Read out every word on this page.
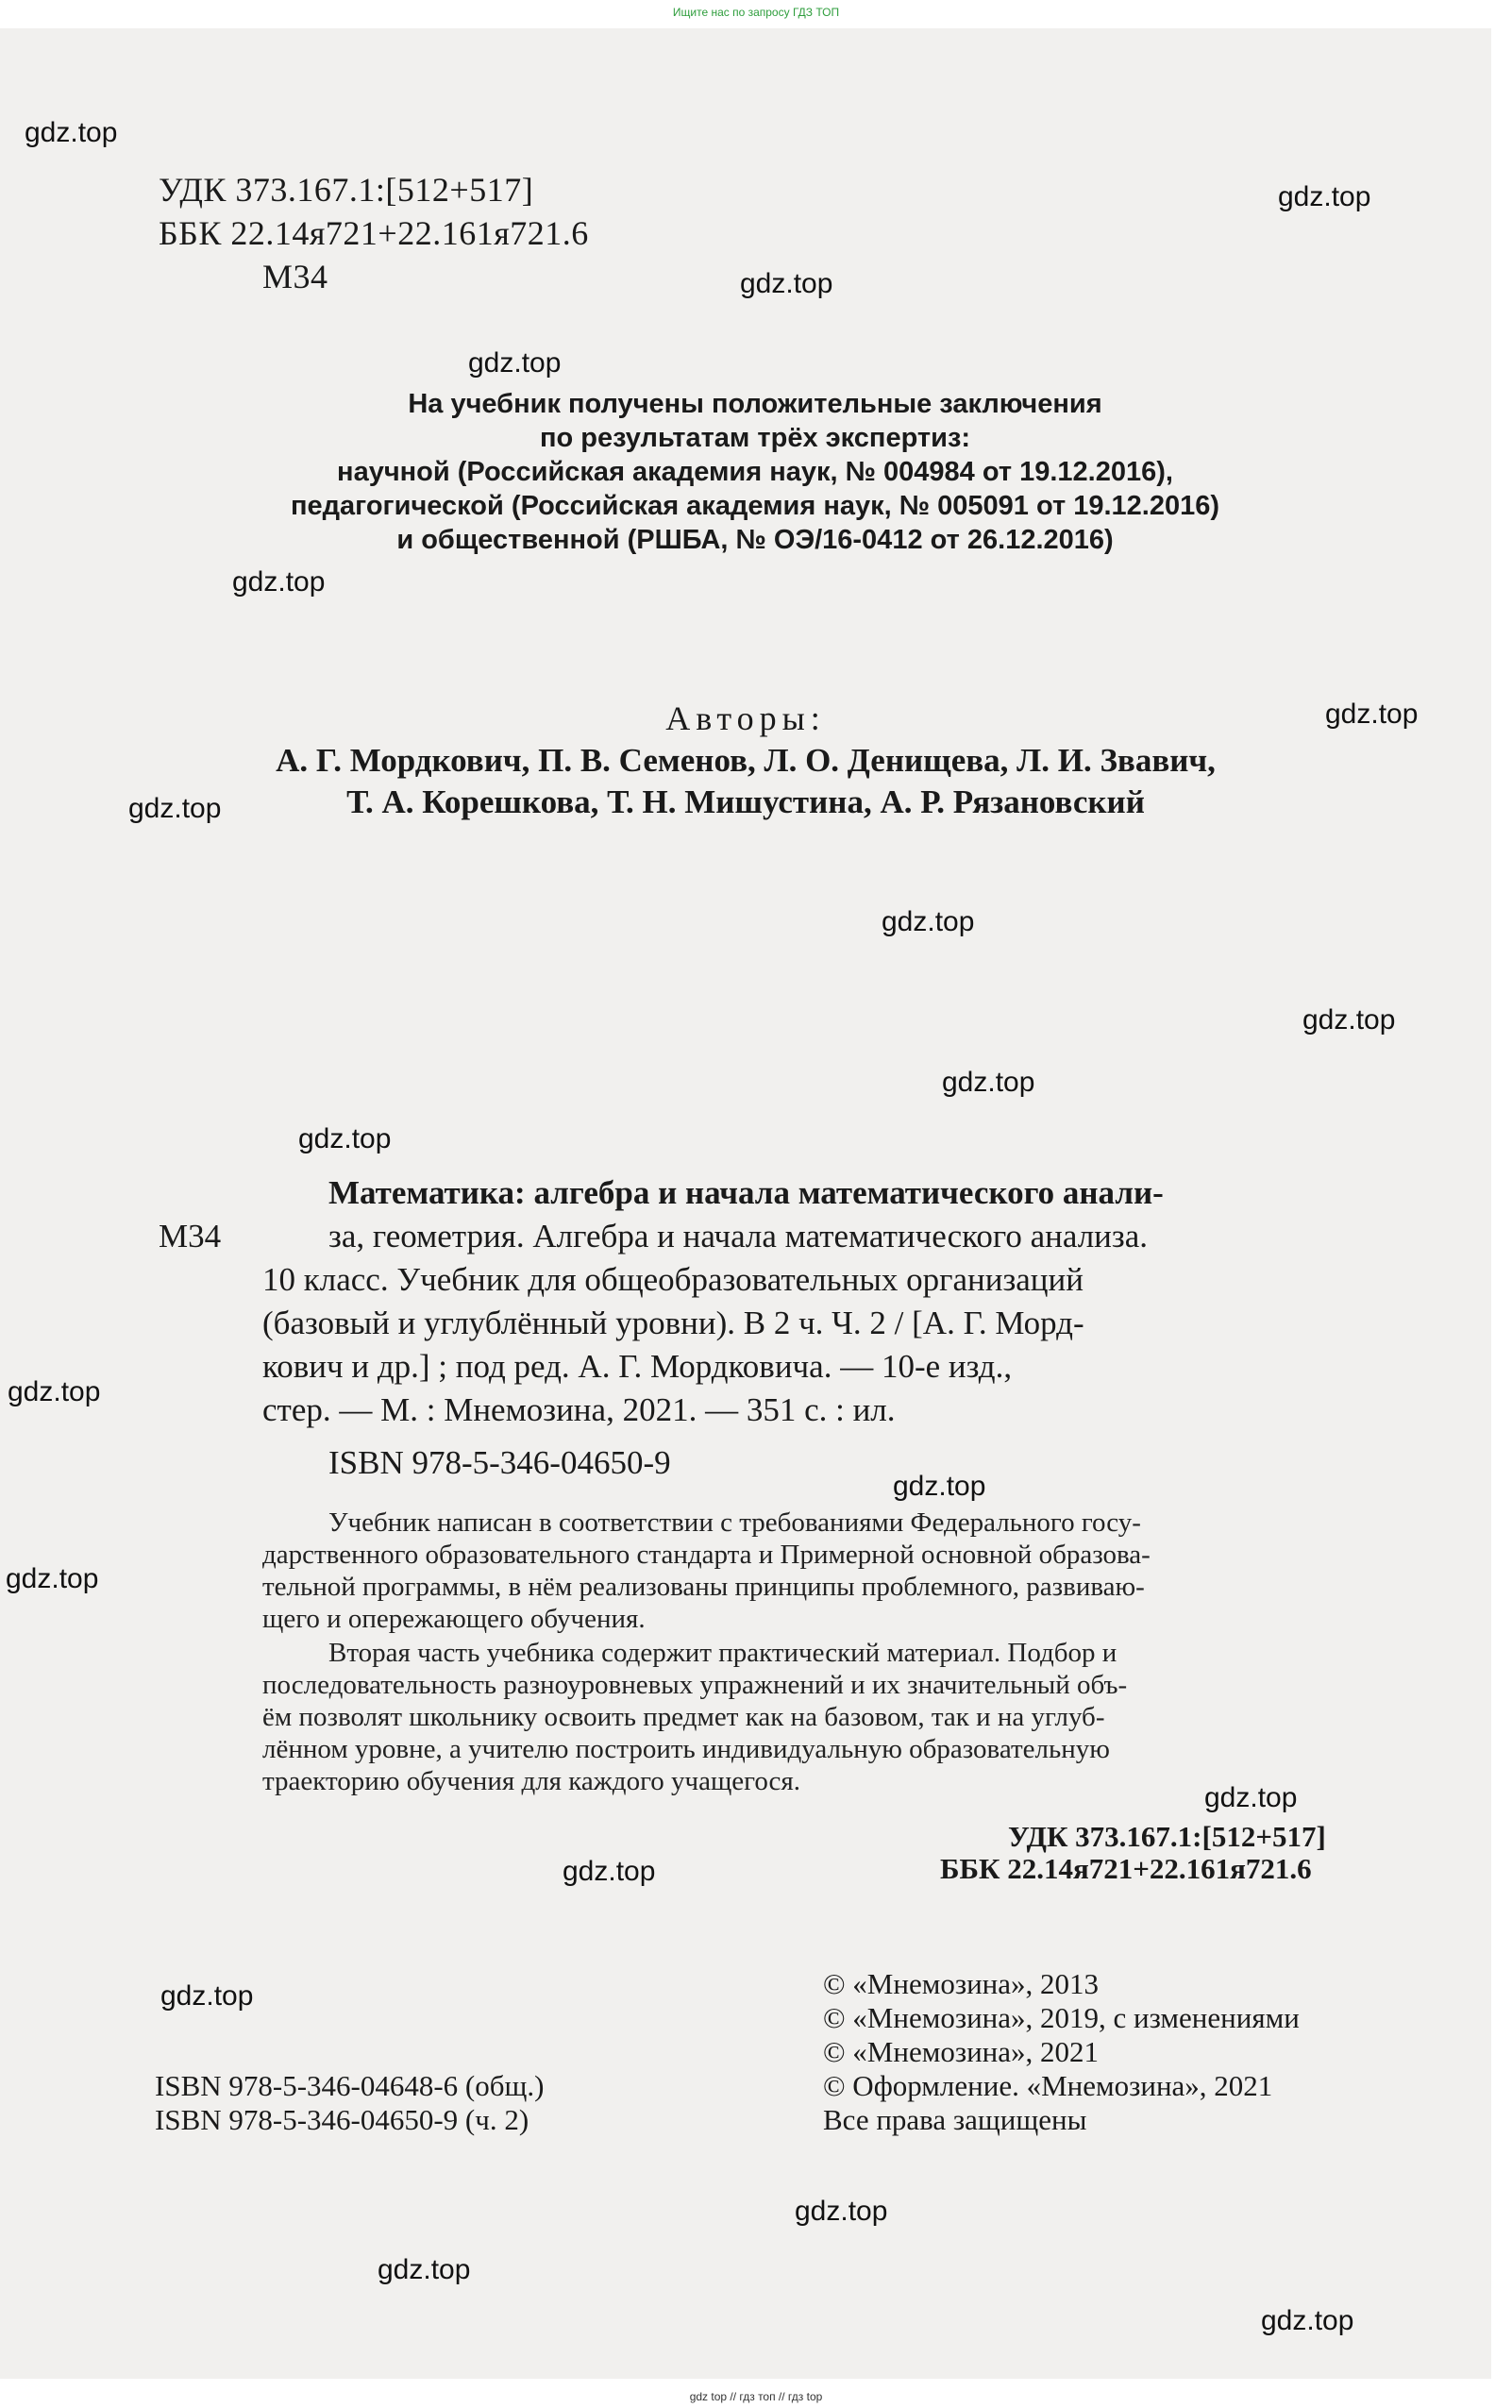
Ищите нас по запросу ГДЗ ТОП
УДК 373.167.1:[512+517]
ББК 22.14я721+22.161я721.6
М34
На учебник получены положительные заключения
по результатам трёх экспертиз:
научной (Российская академия наук, № 004984 от 19.12.2016),
педагогической (Российская академия наук, № 005091 от 19.12.2016)
и общественной (РШБА, № ОЭ/16-0412 от 26.12.2016)
Авторы:
А. Г. Мордкович, П. В. Семенов, Л. О. Денищева, Л. И. Звавич,
Т. А. Корешкова, Т. Н. Мишустина, А. Р. Рязановский
М34
Математика: алгебра и начала математического анали-
за, геометрия. Алгебра и начала математического анализа.
10 класс. Учебник для общеобразовательных организаций
(базовый и углублённый уровни). В 2 ч. Ч. 2 / [А. Г. Морд-
кович и др.] ; под ред. А. Г. Мордковича. — 10-е изд.,
стер. — М. : Мнемозина, 2021. — 351 с. : ил.
ISBN 978-5-346-04650-9
Учебник написан в соответствии с требованиями Федерального госу-
дарственного образовательного стандарта и Примерной основной образова-
тельной программы, в нём реализованы принципы проблемного, развиваю-
щего и опережающего обучения.
Вторая часть учебника содержит практический материал. Подбор и
последовательность разноуровневых упражнений и их значительный объ-
ём позволят школьнику освоить предмет как на базовом, так и на углуб-
лённом уровне, а учителю построить индивидуальную образовательную
траекторию обучения для каждого учащегося.
УДК 373.167.1:[512+517]
ББК 22.14я721+22.161я721.6
ISBN 978-5-346-04648-6 (общ.)
ISBN 978-5-346-04650-9 (ч. 2)
© «Мнемозина», 2013
© «Мнемозина», 2019, с изменениями
© «Мнемозина», 2021
© Оформление. «Мнемозина», 2021
Все права защищены
gdz.top
gdz.top
gdz.top
gdz.top
gdz.top
gdz.top
gdz.top
gdz.top
gdz.top
gdz.top
gdz.top
gdz.top
gdz.top
gdz.top
gdz.top
gdz.top
gdz.top
gdz.top
gdz.top
gdz.top
gdz top // гдз топ // гдз top
